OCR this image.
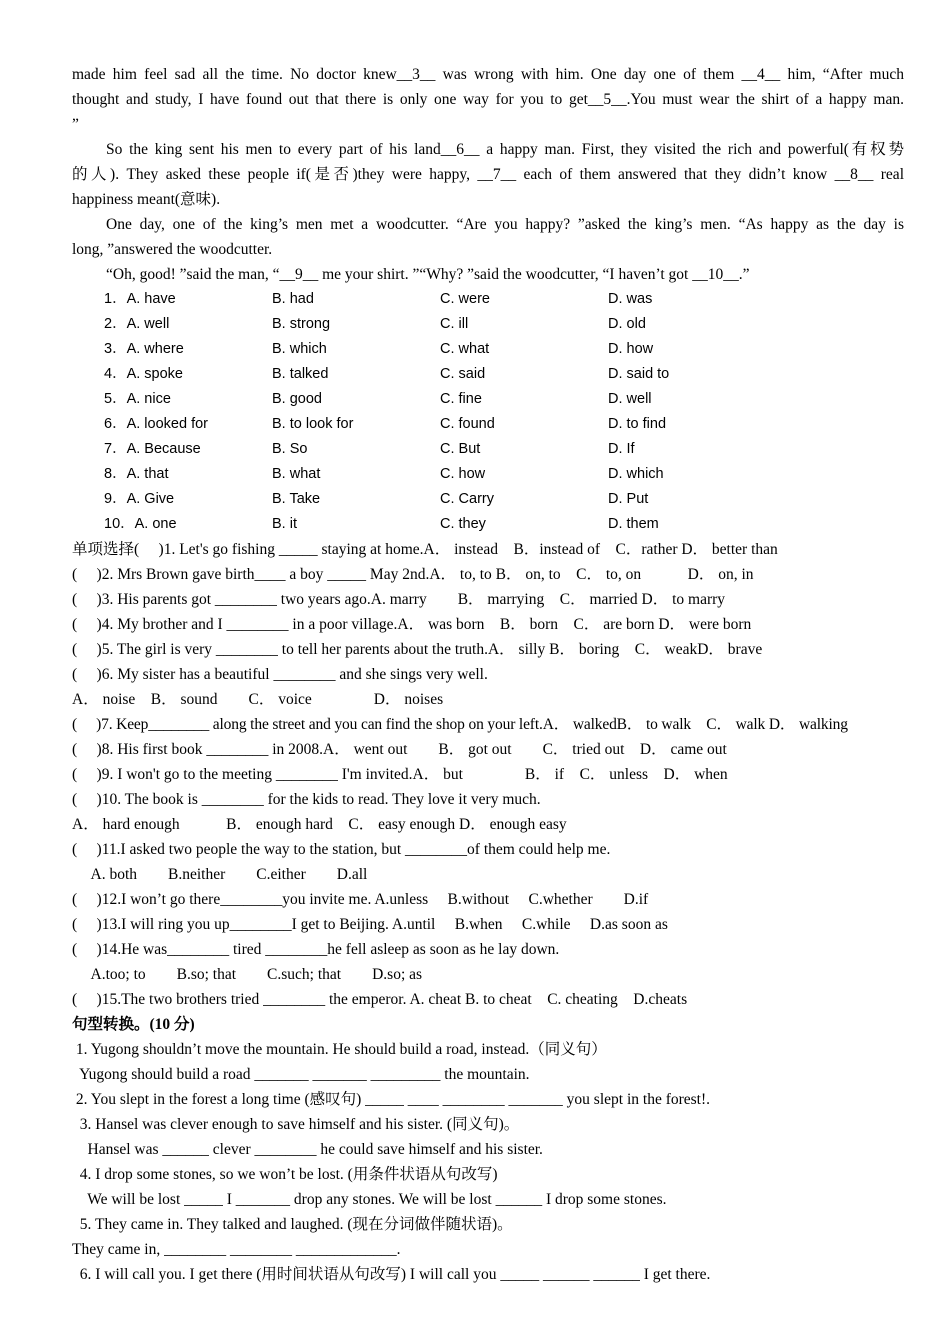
made him feel sad all the time. No doctor knew__3__ was wrong with him. One day one of them __4__ him, “After much
thought and study, I have found out that there is only one way for you to get__5__.You must wear the shirt of a happy man.
”
So the king sent his men to every part of his land__6__ a happy man. First, they visited the rich and powerful(有权势
的人). They asked these people if(是否)they were happy, __7__ each of them answered that they didn’t know __8__ real
happiness meant(意味).
One day, one of the king’s men met a woodcutter. “Are you happy? ”asked the king’s men. “As happy as the day is
long, ”answered the woodcutter.
“Oh, good! ”said the man, “__9__ me your shirt. ”“Why? ”said the woodcutter, “I haven’t got __10__.”
1．A. have	B. had	C. were	D. was
2．A. well	B. strong	C. ill	D. old
3．A. where	B. which	C. what	D. how
4．A. spoke	B. talked	C. said	D. said to
5．A. nice	B. good	C. fine	D. well
6．A. looked for	B. to look for	C. found	D. to find
7．A. Because	B. So	C. But	D. If
8．A. that	B. what	C. how	D. which
9．A. Give	B. Take	C. Carry	D. Put
10．A. one	B. it	C. they	D. them
单项选择(　 )1. Let's go fishing _____ staying at home.A． instead　B．instead of　C．rather D． better than
(　 )2. Mrs Brown gave birth____ a boy _____ May 2nd.A． to, to B． on, to　C． to, on　　　D． on, in
(　 )3. His parents got ________ two years ago.A. marry　　B． marrying　C． married D． to marry
(　 )4. My brother and I ________ in a poor village.A． was born　B． born　C． are born D． were born
(　 )5. The girl is very ________ to tell her parents about the truth.A． silly B． boring　C． weakD． brave
(　 )6. My sister has a beautiful ________ and she sings very well.
A． noise　B． sound　　C． voice　　　　D． noises
(　 )7. Keep________ along the street and you can find the shop on your left.A． walkedB． to walk　C． walk D． walking
(　 )8. His first book ________ in 2008.A． went out　　B． got out　　C． tried out　D． came out
(　 )9. I won't go to the meeting ________ I'm invited.A． but　　　　B． if　C． unless　D． when
(　 )10. The book is ________ for the kids to read. They love it very much.
A． hard enough　　　B． enough hard　C． easy enough D． enough easy
(　 )11.I asked two people the way to the station, but ________of them could help me.
　 A. both　　B.neither　　C.either　　D.all
(　 )12.I won’t go there________you invite me. A.unless　 B.without　 C.whether　　D.if
(　 )13.I will ring you up________I get to Beijing. A.until　 B.when　 C.while　 D.as soon as
(　 )14.He was________ tired ________he fell asleep as soon as he lay down.
　 A.too; to　　B.so; that　　C.such; that　　D.so; as
(　 )15.The two brothers tried ________ the emperor. A. cheat B. to cheat　C. cheating　D.cheats
句型转换。(10 分)
1. Yugong shouldn’t move the mountain. He should build a road, instead.（同义句）
Yugong should build a road _______ _______ _________ the mountain.
2. You slept in the forest a long time (感叹句) _____ ____ ________ _______ you slept in the forest!.
3. Hansel was clever enough to save himself and his sister. (同义句)。
Hansel was ______ clever ________ he could save himself and his sister.
4. I drop some stones, so we won’t be lost. (用条件状语从句改写)
We will be lost _____ I _______ drop any stones. We will be lost ______ I drop some stones.
5. They came in. They talked and laughed. (现在分词做伴随状语)。
They came in, ________ ________ _____________.
6. I will call you. I get there (用时间状语从句改写) I will call you _____ ______ ______ I get there.
